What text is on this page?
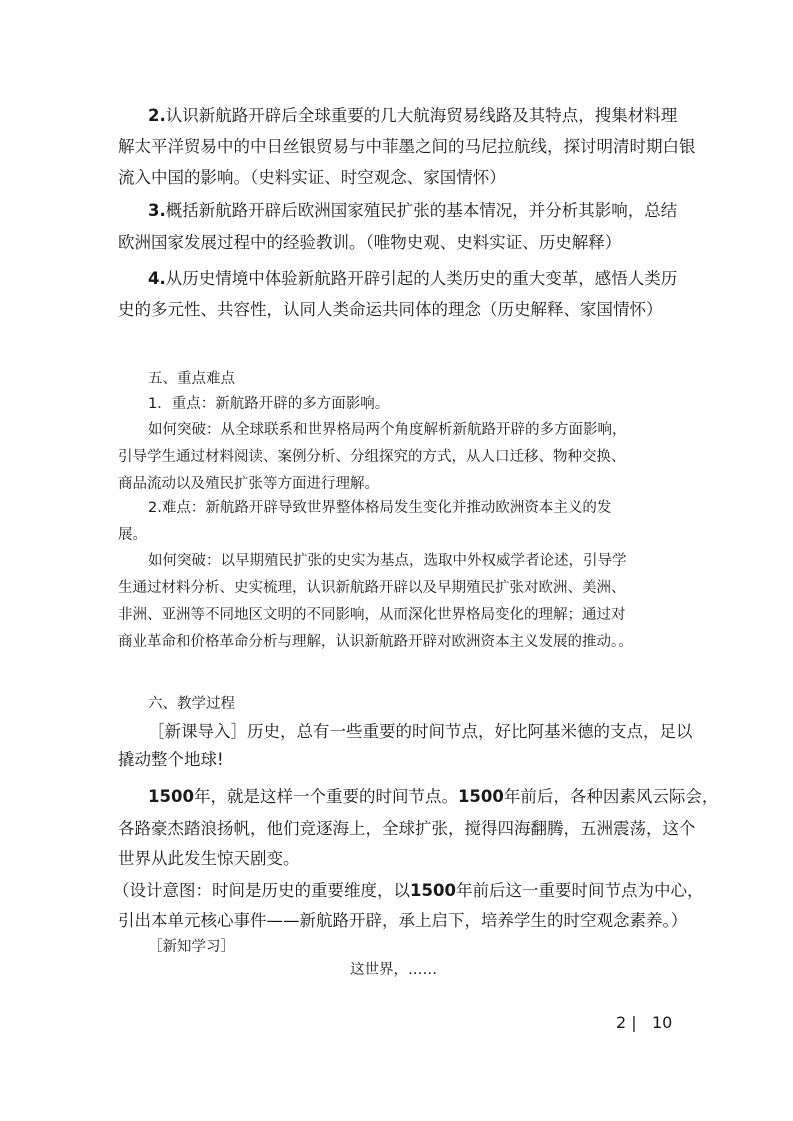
2.认识新航路开辟后全球重要的几大航海贸易线路及其特点，搜集材料理
解太平洋贸易中的中日丝银贸易与中菲墨之间的马尼拉航线，探讨明清时期白银
流入中国的影响。（史料实证、时空观念、家国情怀）
3.概括新航路开辟后欧洲国家殖民扩张的基本情况，并分析其影响，总结
欧洲国家发展过程中的经验教训。（唯物史观、史料实证、历史解释）
4.从历史情境中体验新航路开辟引起的人类历史的重大变革，感悟人类历
史的多元性、共容性，认同人类命运共同体的理念（历史解释、家国情怀）
五、重点难点
1．重点：新航路开辟的多方面影响。
如何突破：从全球联系和世界格局两个角度解析新航路开辟的多方面影响，
引导学生通过材料阅读、案例分析、分组探究的方式，从人口迁移、物种交换、
商品流动以及殖民扩张等方面进行理解。
2.难点：新航路开辟导致世界整体格局发生变化并推动欧洲资本主义的发
展。
如何突破：以早期殖民扩张的史实为基点，选取中外权威学者论述，引导学
生通过材料分析、史实梳理，认识新航路开辟以及早期殖民扩张对欧洲、美洲、
非洲、亚洲等不同地区文明的不同影响，从而深化世界格局变化的理解；通过对
商业革命和价格革命分析与理解，认识新航路开辟对欧洲资本主义发展的推动。。
六、教学过程
［新课导入］历史，总有一些重要的时间节点，好比阿基米德的支点，足以
撬动整个地球!
1500年，就是这样一个重要的时间节点。1500年前后，各种因素风云际会，
各路豪杰踏浪扬帆，他们竞逐海上，全球扩张，搅得四海翻腾，五洲震荡，这个
世界从此发生惊天剧变。
（设计意图：时间是历史的重要维度，以1500年前后这一重要时间节点为中心，
引出本单元核心事件——新航路开辟，承上启下，培养学生的时空观念素养。）
［新知学习］
这世界，……
2 | 10
